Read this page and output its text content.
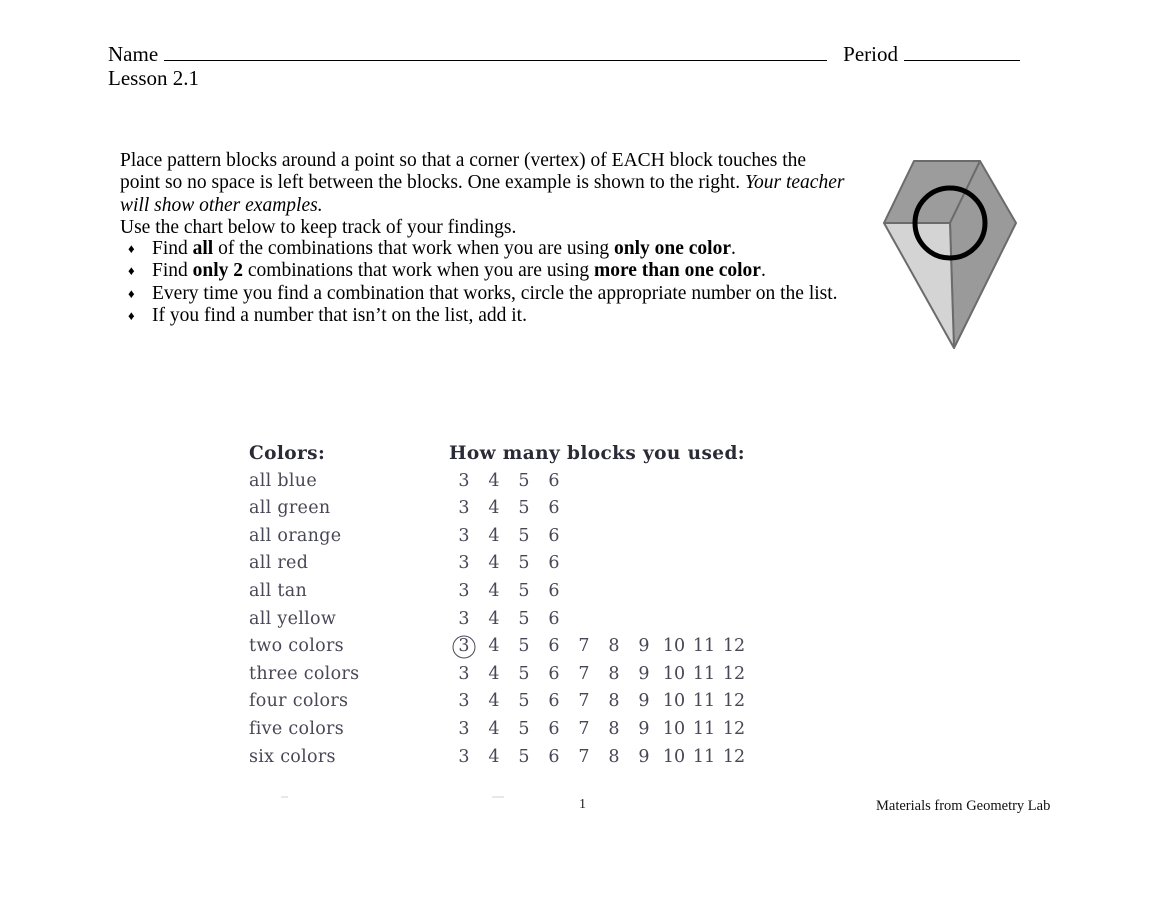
Name	Period
Lesson 2.1

Place pattern blocks around a point so that a corner (vertex) of EACH block touches the point so no space is left between the blocks. One example is shown to the right. Your teacher will show other examples.

Use the chart below to keep track of your findings.

♦ Find all of the combinations that work when you are using only one color.
♦ Find only 2 combinations that work when you are using more than one color.
♦ Every time you find a combination that works, circle the appropriate number on the list.
♦ If you find a number that isn’t on the list, add it.
Colors:	How many blocks you used:
all blue	3	4	5	6
all green	3	4	5	6
all orange	3	4	5	6
all red	3	4	5	6
all tan	3	4	5	6
all yellow	3	4	5	6
two colors	3	4	5	6	7	8	9 10 11 12
three colors	3	4	5	6	7	8	9 10 11 12
four colors	3	4	5	6	7	8	9 10 11 12
five colors	3	4	5	6	7	8	9 10 11 12
six colors	3	4	5	6	7	8	9 10 11 12
1	Materials from Geometry Lab
